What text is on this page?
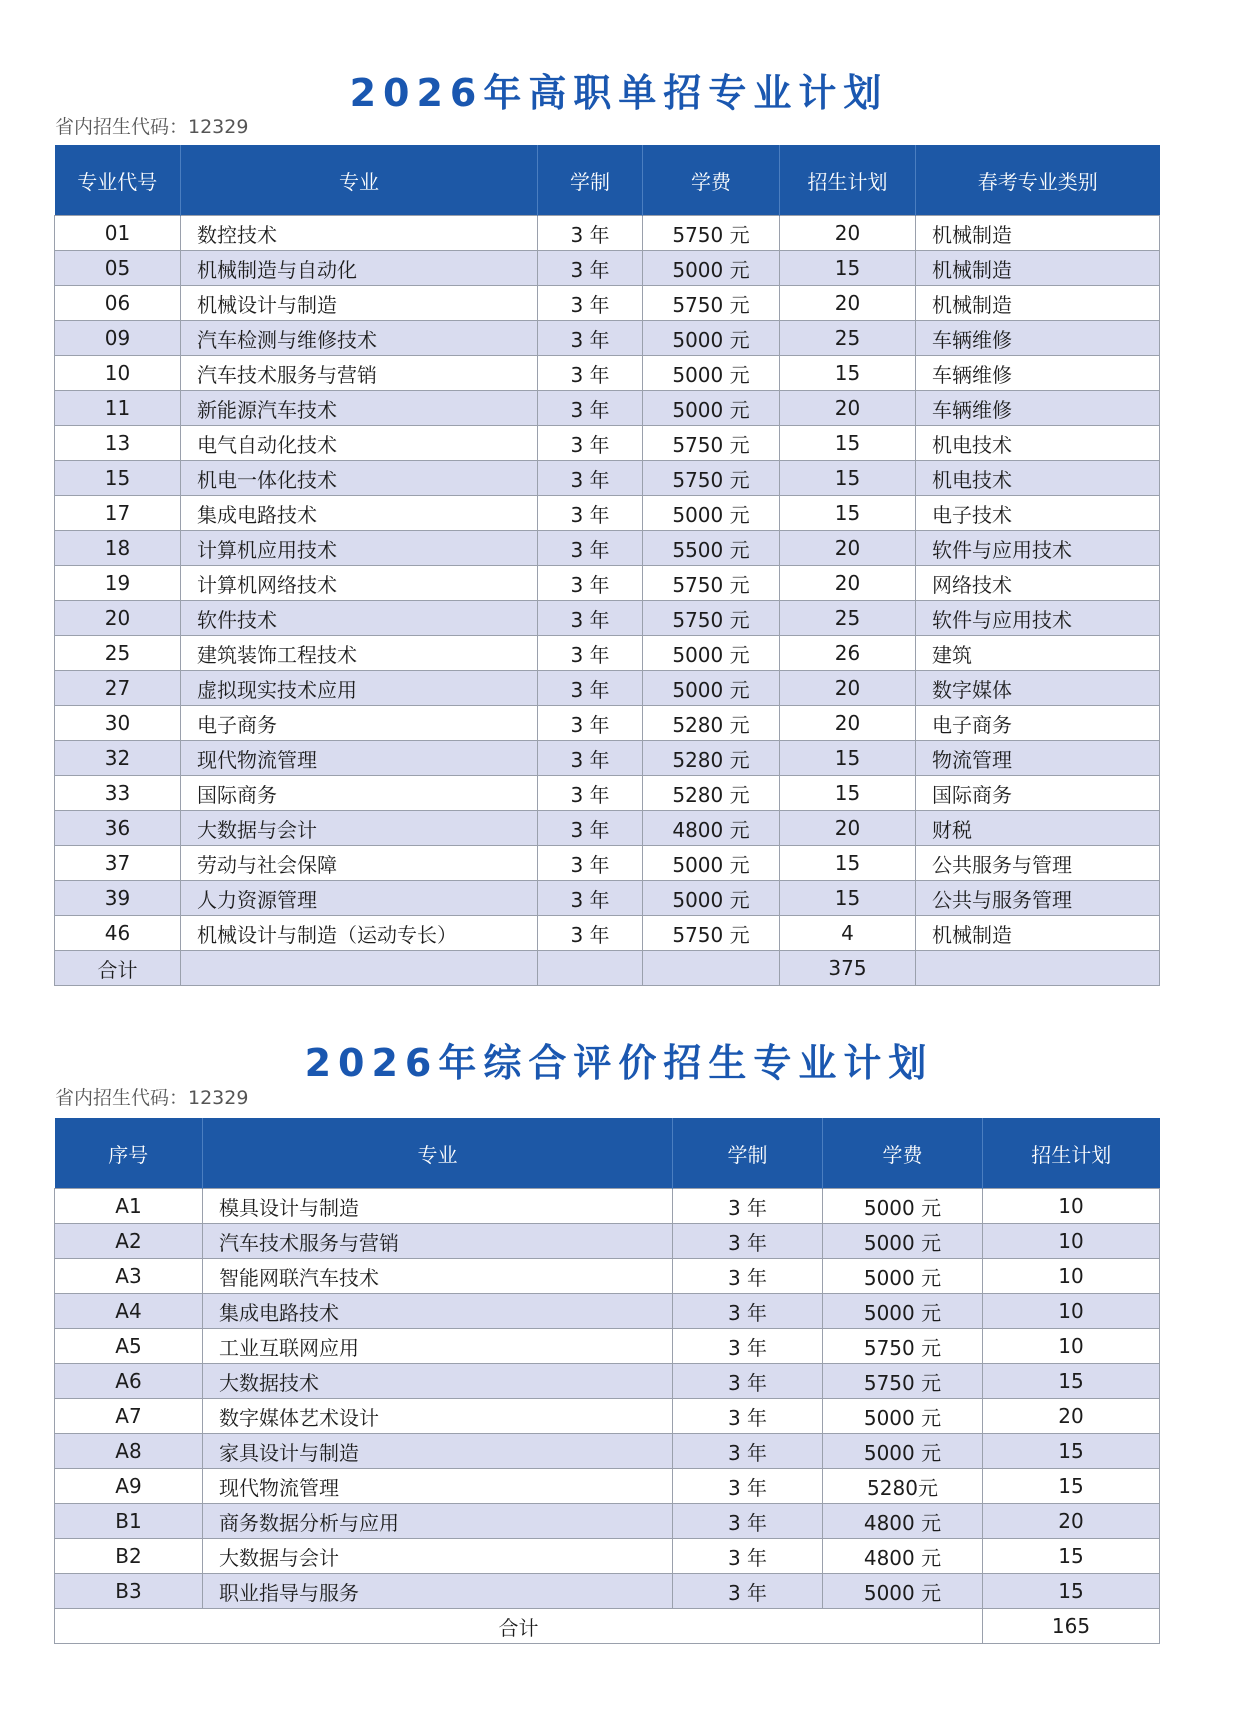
2026年高职单招专业计划
省内招生代码：12329
专业代号	专业	学制	学费	招生计划	春考专业类别
01	数控技术	3 年	5750 元	20	机械制造
05	机械制造与自动化	3 年	5000 元	15	机械制造
06	机械设计与制造	3 年	5750 元	20	机械制造
09	汽车检测与维修技术	3 年	5000 元	25	车辆维修
10	汽车技术服务与营销	3 年	5000 元	15	车辆维修
11	新能源汽车技术	3 年	5000 元	20	车辆维修
13	电气自动化技术	3 年	5750 元	15	机电技术
15	机电一体化技术	3 年	5750 元	15	机电技术
17	集成电路技术	3 年	5000 元	15	电子技术
18	计算机应用技术	3 年	5500 元	20	软件与应用技术
19	计算机网络技术	3 年	5750 元	20	网络技术
20	软件技术	3 年	5750 元	25	软件与应用技术
25	建筑装饰工程技术	3 年	5000 元	26	建筑
27	虚拟现实技术应用	3 年	5000 元	20	数字媒体
30	电子商务	3 年	5280 元	20	电子商务
32	现代物流管理	3 年	5280 元	15	物流管理
33	国际商务	3 年	5280 元	15	国际商务
36	大数据与会计	3 年	4800 元	20	财税
37	劳动与社会保障	3 年	5000 元	15	公共服务与管理
39	人力资源管理	3 年	5000 元	15	公共与服务管理
46	机械设计与制造（运动专长）	3 年	5750 元	4	机械制造
合计				375	
2026年综合评价招生专业计划
省内招生代码：12329
序号	专业	学制	学费	招生计划
A1	模具设计与制造	3 年	5000 元	10
A2	汽车技术服务与营销	3 年	5000 元	10
A3	智能网联汽车技术	3 年	5000 元	10
A4	集成电路技术	3 年	5000 元	10
A5	工业互联网应用	3 年	5750 元	10
A6	大数据技术	3 年	5750 元	15
A7	数字媒体艺术设计	3 年	5000 元	20
A8	家具设计与制造	3 年	5000 元	15
A9	现代物流管理	3 年	5280元	15
B1	商务数据分析与应用	3 年	4800 元	20
B2	大数据与会计	3 年	4800 元	15
B3	职业指导与服务	3 年	5000 元	15
合计				165
